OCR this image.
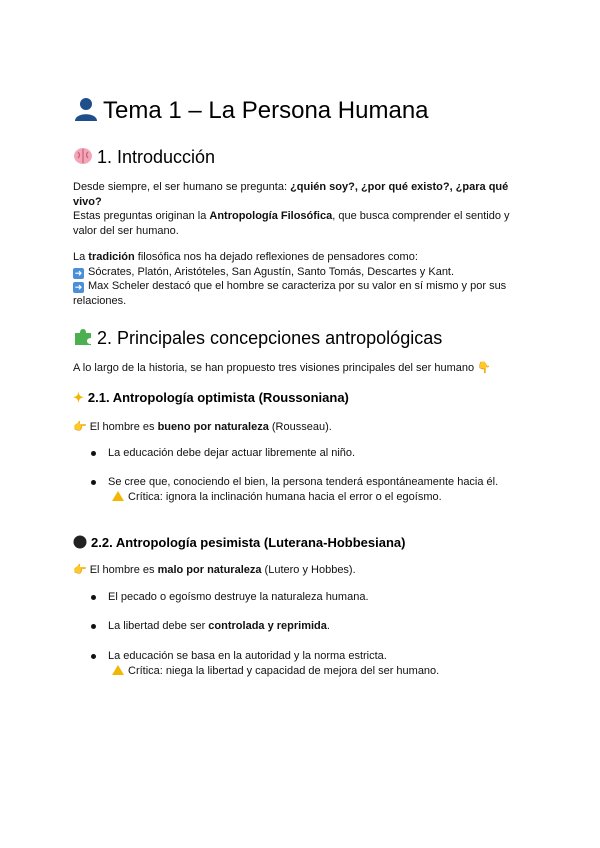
Tema 1 – La Persona Humana
1. Introducción

Desde siempre, el ser humano se pregunta: ¿quién soy?, ¿por qué existo?, ¿para qué vivo?

Estas preguntas originan la Antropología Filosófica, que busca comprender el sentido y valor del ser humano.

La tradición filosófica nos ha dejado reflexiones de pensadores como:

➜ Sócrates, Platón, Aristóteles, San Agustín, Santo Tomás, Descartes y Kant.

➜ Max Scheler destacó que el hombre se caracteriza por su valor en sí mismo y por sus relaciones.

2. Principales concepciones antropológicas

A lo largo de la historia, se han propuesto tres visiones principales del ser humano 👇

✦ 2.1. Antropología optimista (Roussoniana)

👉 El hombre es bueno por naturaleza (Rousseau).

La educación debe dejar actuar libremente al niño.
Se cree que, conociendo el bien, la persona tenderá espontáneamente hacia él.

Crítica: ignora la inclinación humana hacia el error o el egoísmo.

2.2. Antropología pesimista (Luterana-Hobbesiana)

👉 El hombre es malo por naturaleza (Lutero y Hobbes).

El pecado o egoísmo destruye la naturaleza humana.
La libertad debe ser controlada y reprimida.
La educación se basa en la autoridad y la norma estricta.

Crítica: niega la libertad y capacidad de mejora del ser humano.
